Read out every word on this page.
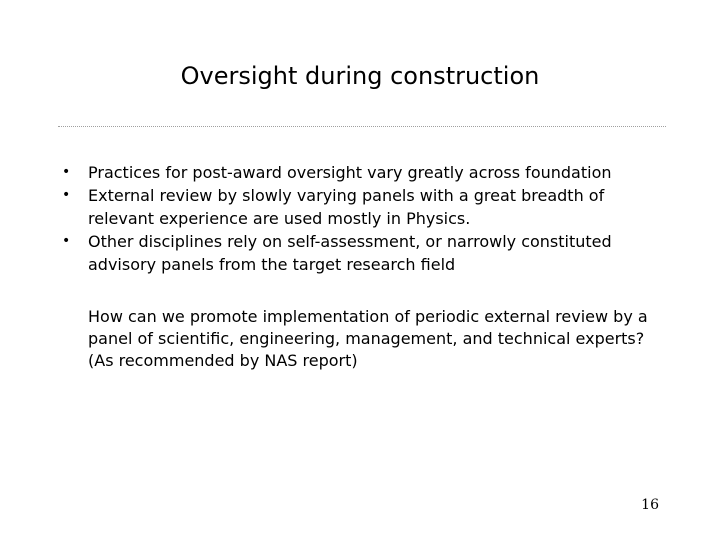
Oversight during construction
• Practices for post-award oversight vary greatly across foundation
• External review by slowly varying panels with a great breadth of relevant experience are used mostly in Physics.
• Other disciplines rely on self-assessment, or narrowly constituted advisory panels from the target research field

How can we promote implementation of periodic external review by a panel of scientific, engineering, management, and technical experts? (As recommended by NAS report)

16
